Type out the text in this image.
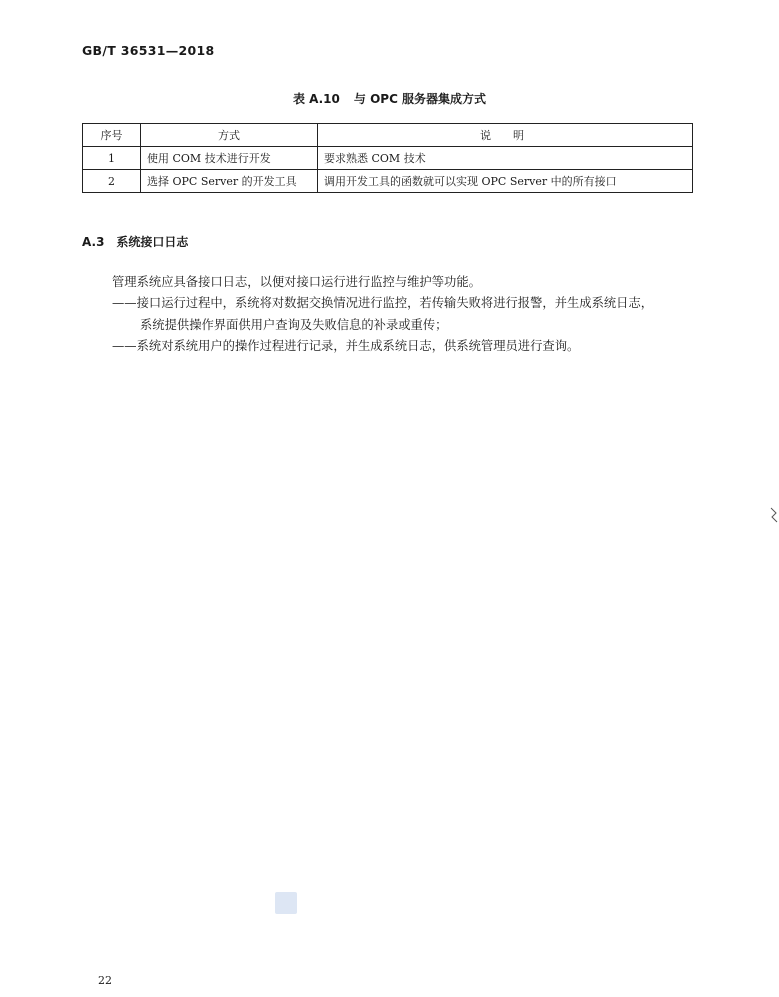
GB/T 36531—2018
表 A.10 与 OPC 服务器集成方式
序号	方式	说明
1	使用 COM 技术进行开发	要求熟悉 COM 技术
2	选择 OPC Server 的开发工具	调用开发工具的函数就可以实现 OPC Server 中的所有接口
A.3 系统接口日志
管理系统应具备接口日志，以便对接口运行进行监控与维护等功能。
——接口运行过程中，系统将对数据交换情况进行监控，若传输失败将进行报警，并生成系统日志，
系统提供操作界面供用户查询及失败信息的补录或重传；
——系统对系统用户的操作过程进行记录，并生成系统日志，供系统管理员进行查询。
22
